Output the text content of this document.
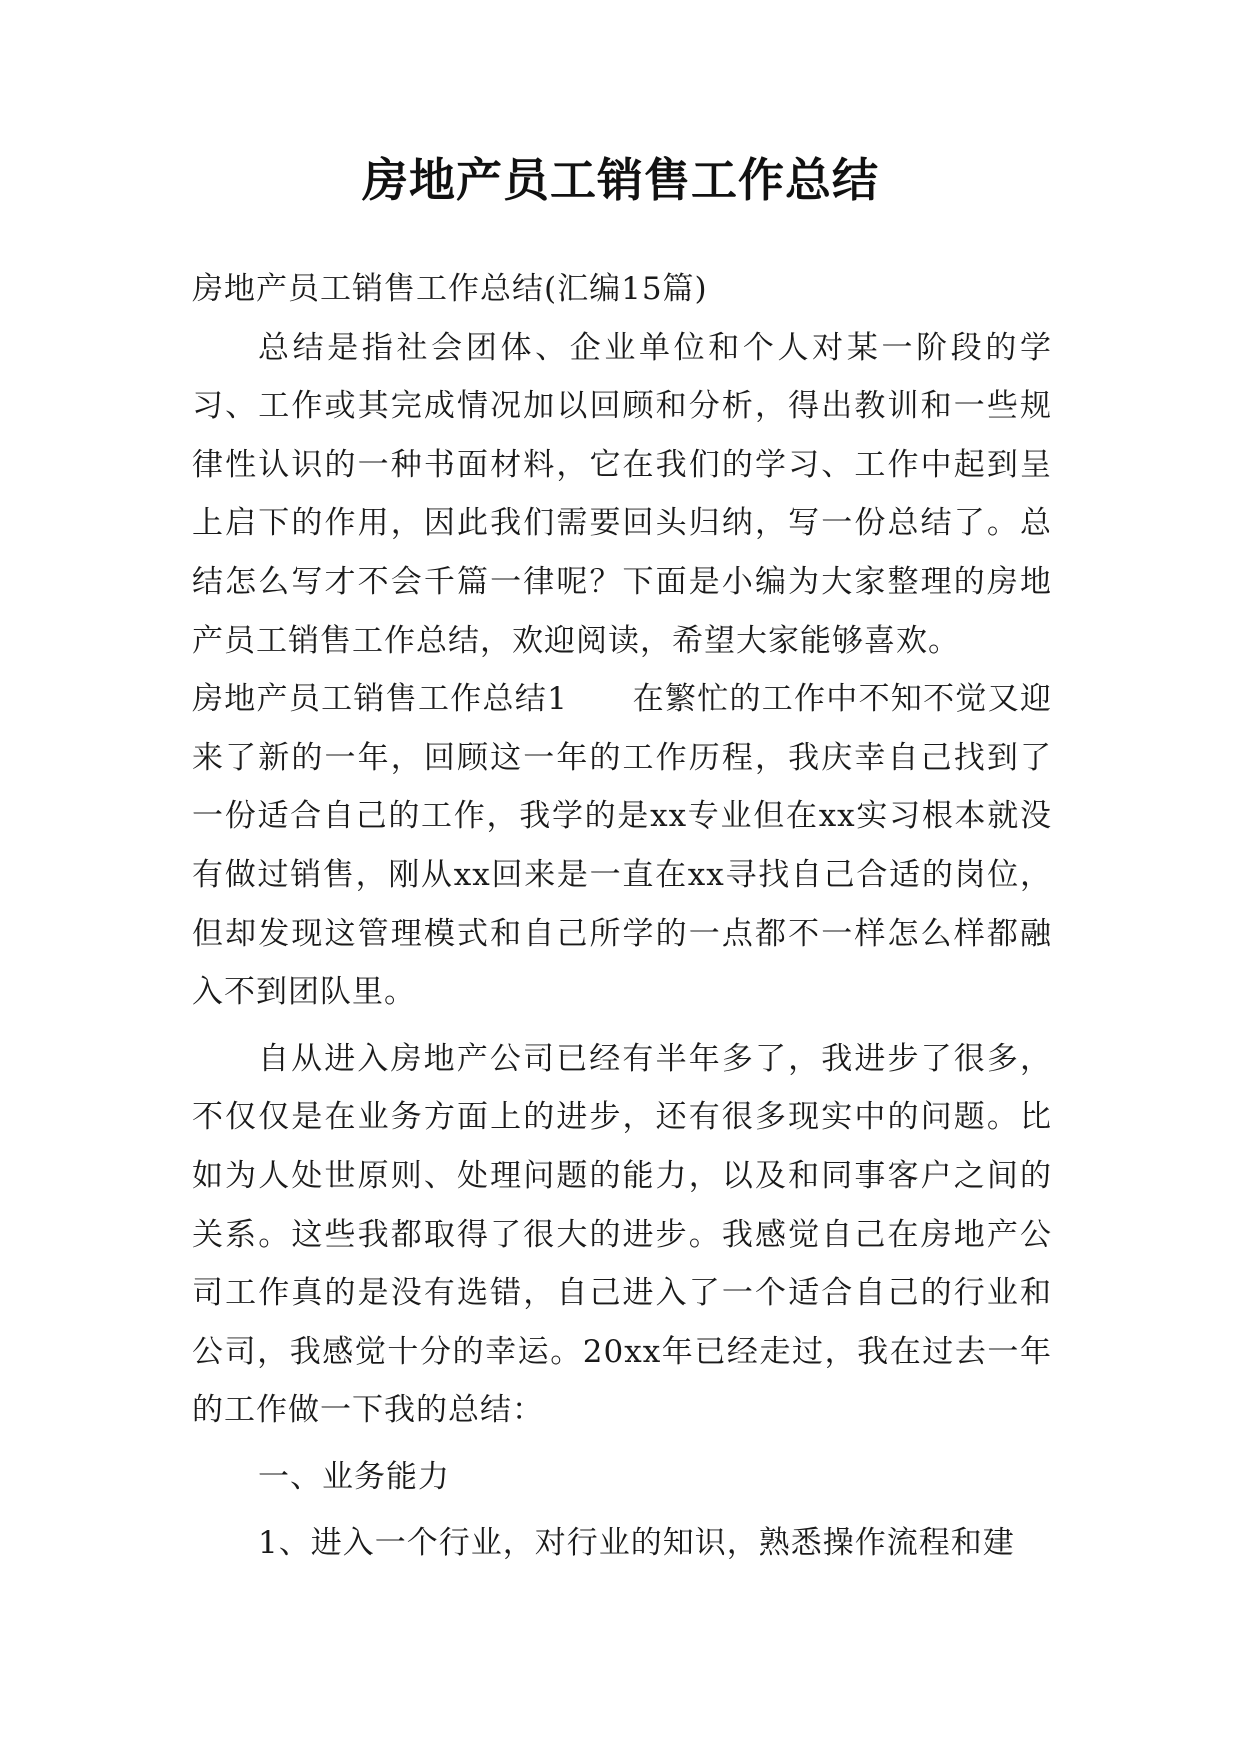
房地产员工销售工作总结

房地产员工销售工作总结(汇编15篇)

总结是指社会团体、企业单位和个人对某一阶段的学习、工作或其完成情况加以回顾和分析，得出教训和一些规律性认识的一种书面材料，它在我们的学习、工作中起到呈上启下的作用，因此我们需要回头归纳，写一份总结了。总结怎么写才不会千篇一律呢？下面是小编为大家整理的房地产员工销售工作总结，欢迎阅读，希望大家能够喜欢。

房地产员工销售工作总结1　　在繁忙的工作中不知不觉又迎来了新的一年，回顾这一年的工作历程，我庆幸自己找到了一份适合自己的工作，我学的是xx专业但在xx实习根本就没有做过销售，刚从xx回来是一直在xx寻找自己合适的岗位，但却发现这管理模式和自己所学的一点都不一样怎么样都融入不到团队里。

自从进入房地产公司已经有半年多了，我进步了很多，不仅仅是在业务方面上的进步，还有很多现实中的问题。比如为人处世原则、处理问题的能力，以及和同事客户之间的关系。这些我都取得了很大的进步。我感觉自己在房地产公司工作真的是没有选错，自己进入了一个适合自己的行业和公司，我感觉十分的幸运。20xx年已经走过，我在过去一年的工作做一下我的总结：

一、业务能力

1、进入一个行业，对行业的知识，熟悉操作流程和建
